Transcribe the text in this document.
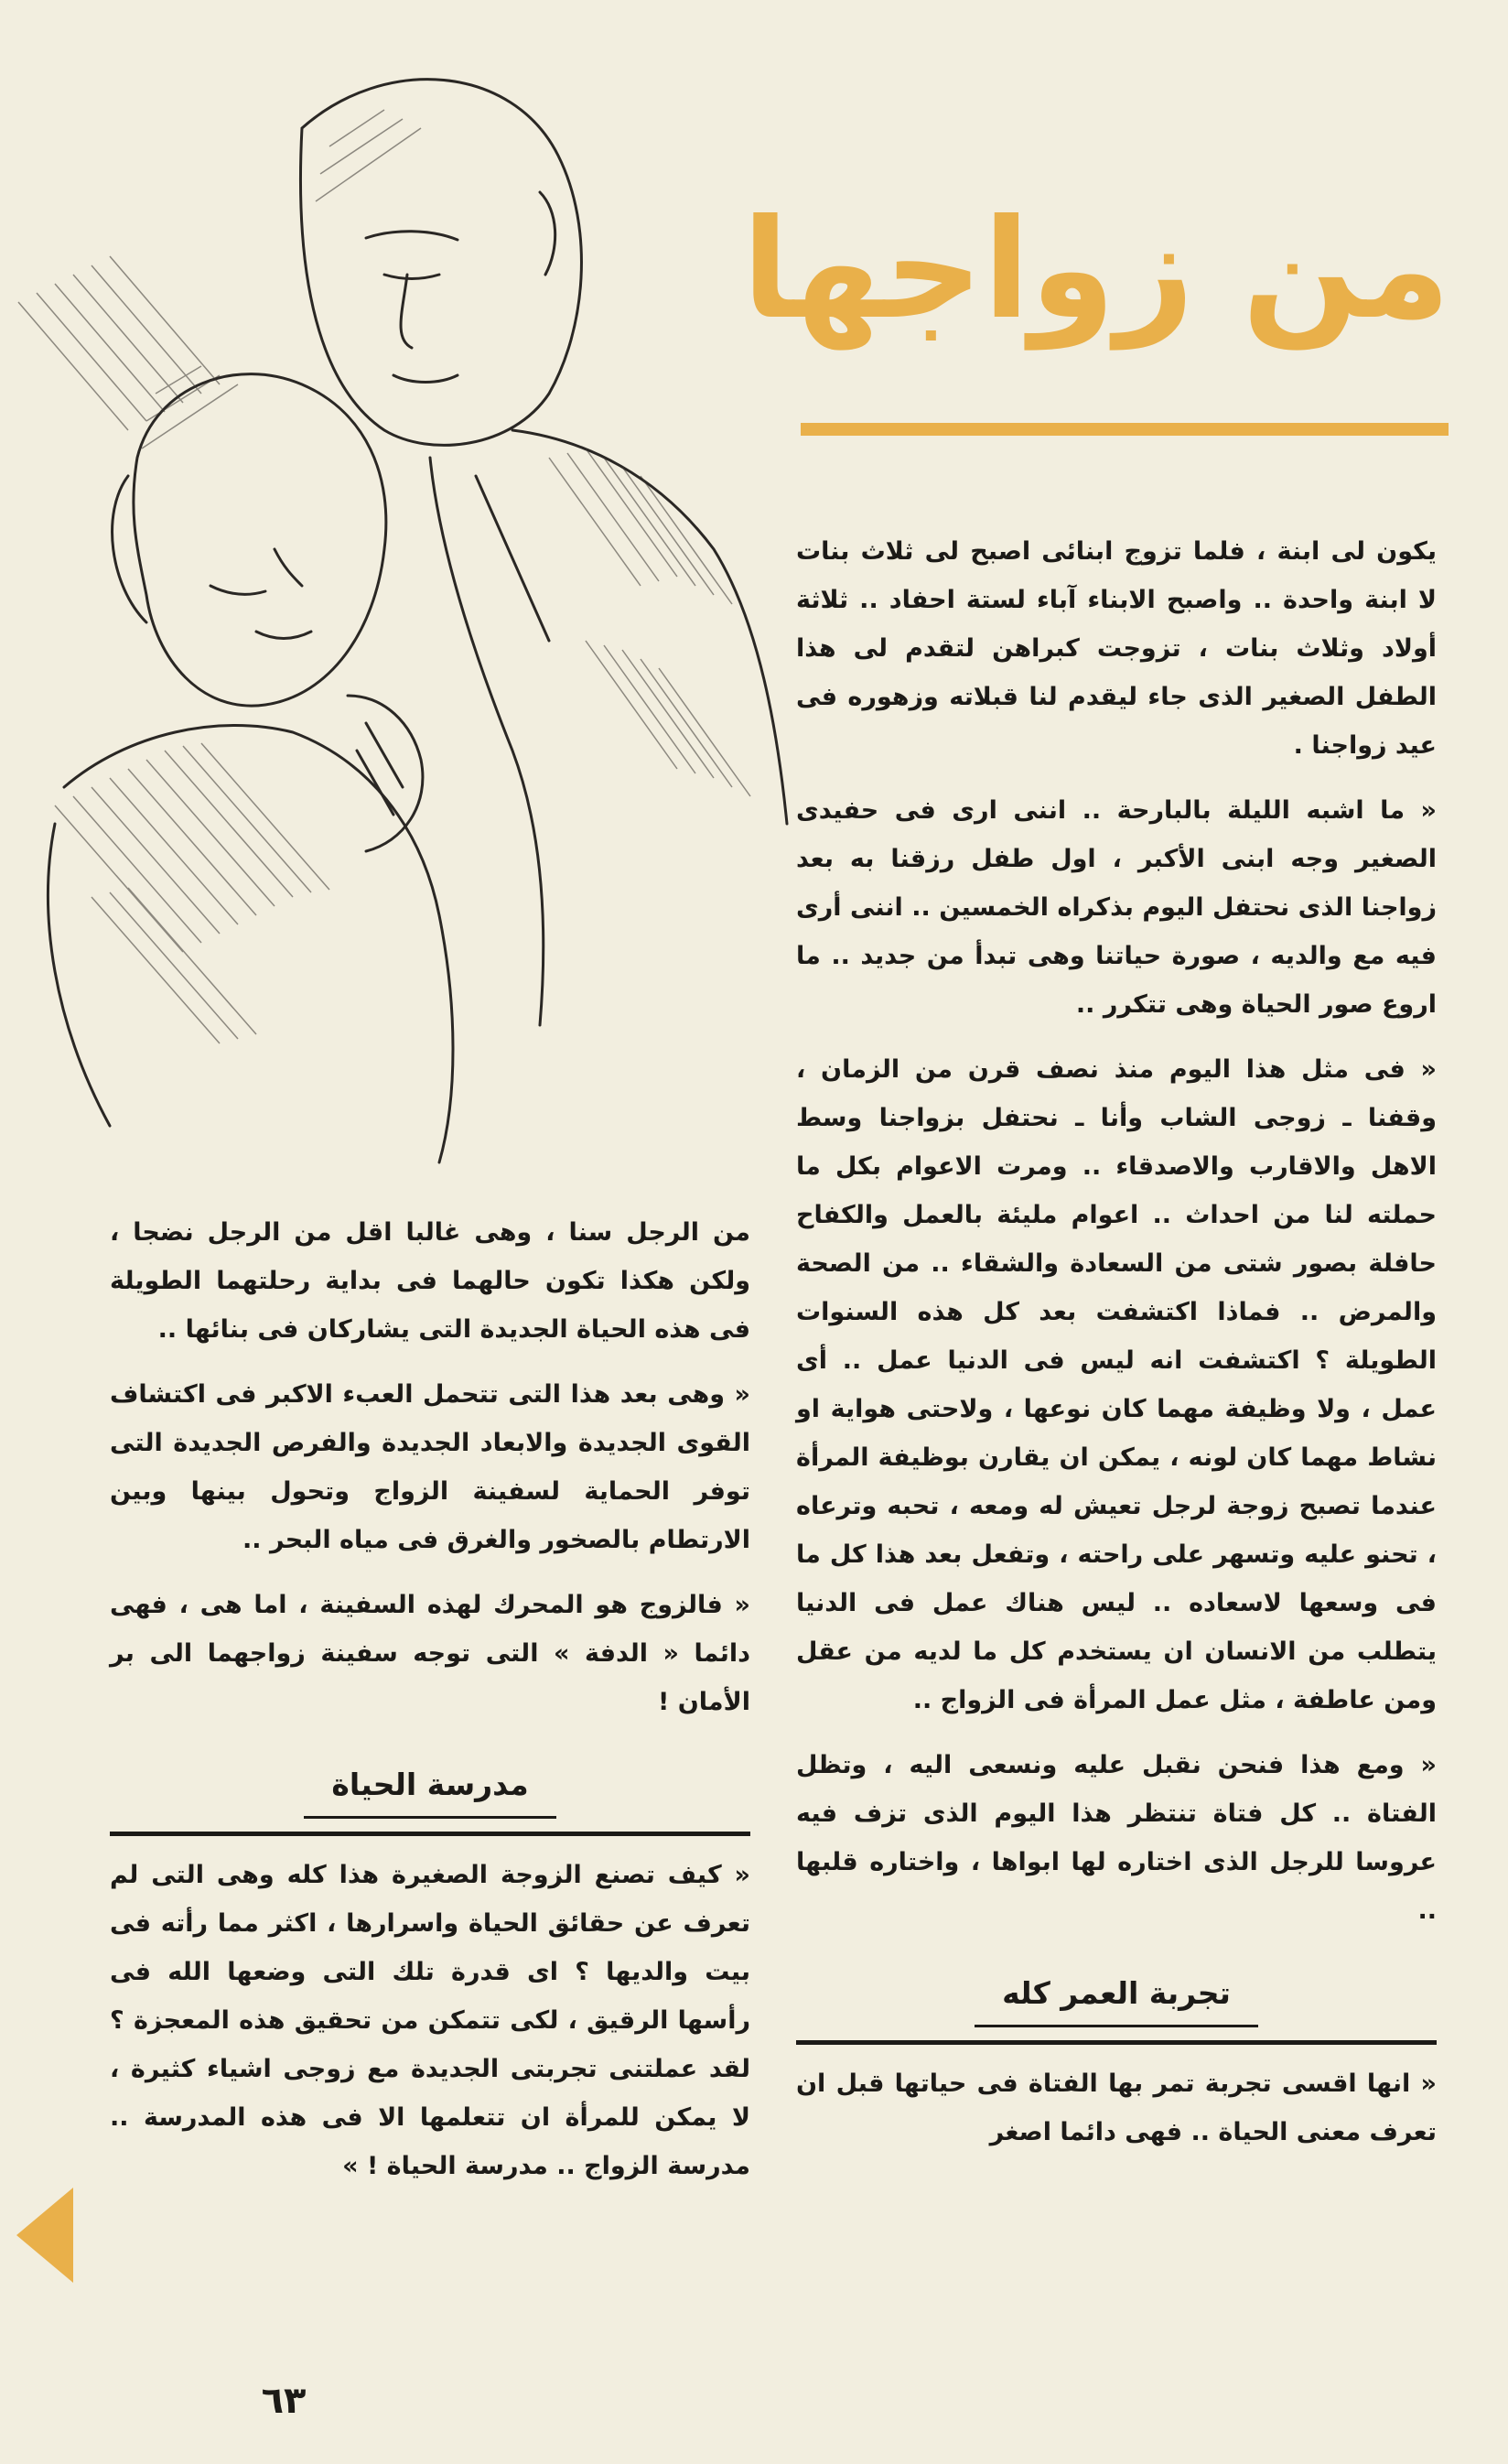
من زواجها

يكون لى ابنة ، فلما تزوج ابنائى اصبح لى ثلاث بنات لا ابنة واحدة .. واصبح الابناء آباء لستة احفاد .. ثلاثة أولاد وثلاث بنات ، تزوجت كبراهن لتقدم لى هذا الطفل الصغير الذى جاء ليقدم لنا قبلاته وزهوره فى عيد زواجنا .

« ما اشبه الليلة بالبارحة .. اننى ارى فى حفيدى الصغير وجه ابنى الأكبر ، اول طفل رزقنا به بعد زواجنا الذى نحتفل اليوم بذكراه الخمسين .. اننى أرى فيه مع والديه ، صورة حياتنا وهى تبدأ من جديد .. ما اروع صور الحياة وهى تتكرر ..

« فى مثل هذا اليوم منذ نصف قرن من الزمان ، وقفنا ـ زوجى الشاب وأنا ـ نحتفل بزواجنا وسط الاهل والاقارب والاصدقاء .. ومرت الاعوام بكل ما حملته لنا من احداث .. اعوام مليئة بالعمل والكفاح حافلة بصور شتى من السعادة والشقاء .. من الصحة والمرض .. فماذا اكتشفت بعد كل هذه السنوات الطويلة ؟ اكتشفت انه ليس فى الدنيا عمل .. أى عمل ، ولا وظيفة مهما كان نوعها ، ولاحتى هواية او نشاط مهما كان لونه ، يمكن ان يقارن بوظيفة المرأة عندما تصبح زوجة لرجل تعيش له ومعه ، تحبه وترعاه ، تحنو عليه وتسهر على راحته ، وتفعل بعد هذا كل ما فى وسعها لاسعاده .. ليس هناك عمل فى الدنيا يتطلب من الانسان ان يستخدم كل ما لديه من عقل ومن عاطفة ، مثل عمل المرأة فى الزواج ..

« ومع هذا فنحن نقبل عليه ونسعى اليه ، وتظل الفتاة .. كل فتاة تنتظر هذا اليوم الذى تزف فيه عروسا للرجل الذى اختاره لها ابواها ، واختاره قلبها ..

تجربة العمر كله

« انها اقسى تجربة تمر بها الفتاة فى حياتها قبل ان تعرف معنى الحياة .. فهى دائما اصغر

من الرجل سنا ، وهى غالبا اقل من الرجل نضجا ، ولكن هكذا تكون حالهما فى بداية رحلتهما الطويلة فى هذه الحياة الجديدة التى يشاركان فى بنائها ..

« وهى بعد هذا التى تتحمل العبء الاكبر فى اكتشاف القوى الجديدة والابعاد الجديدة والفرص الجديدة التى توفر الحماية لسفينة الزواج وتحول بينها وبين الارتطام بالصخور والغرق فى مياه البحر ..

« فالزوج هو المحرك لهذه السفينة ، اما هى ، فهى دائما « الدفة » التى توجه سفينة زواجهما الى بر الأمان !

مدرسة الحياة

« كيف تصنع الزوجة الصغيرة هذا كله وهى التى لم تعرف عن حقائق الحياة واسرارها ، اكثر مما رأته فى بيت والديها ؟ اى قدرة تلك التى وضعها الله فى رأسها الرقيق ، لكى تتمكن من تحقيق هذه المعجزة ؟ لقد عملتنى تجربتى الجديدة مع زوجى اشياء كثيرة ، لا يمكن للمرأة ان تتعلمها الا فى هذه المدرسة .. مدرسة الزواج .. مدرسة الحياة ! »

٦٣
